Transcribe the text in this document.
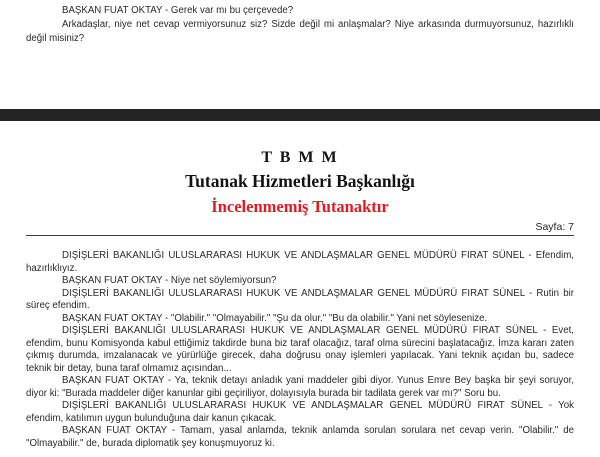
BAŞKAN FUAT OKTAY - Gerek var mı bu çerçevede?

Arkadaşlar, niye net cevap vermiyorsunuz siz? Sizde değil mi anlaşmalar? Niye arkasında durmuyorsunuz, hazırlıklı değil misiniz?

T B M M
Tutanak Hizmetleri Başkanlığı
İncelenmemiş Tutanaktır
Sayfa: 7

DIŞİŞLERİ BAKANLIĞI ULUSLARARASI HUKUK VE ANDLAŞMALAR GENEL MÜDÜRÜ FIRAT SÜNEL - Efendim, hazırlıklıyız.

BAŞKAN FUAT OKTAY - Niye net söylemiyorsun?

DIŞİŞLERİ BAKANLIĞI ULUSLARARASI HUKUK VE ANDLAŞMALAR GENEL MÜDÜRÜ FIRAT SÜNEL - Rutin bir süreç efendim.

BAŞKAN FUAT OKTAY - "Olabilir." "Olmayabilir." "Şu da olur." "Bu da olabilir." Yani net söylesenize.

DIŞİŞLERİ BAKANLIĞI ULUSLARARASI HUKUK VE ANDLAŞMALAR GENEL MÜDÜRÜ FIRAT SÜNEL - Evet, efendim, bunu Komisyonda kabul ettiğimiz takdirde buna biz taraf olacağız, taraf olma sürecini başlatacağız. İmza kararı zaten çıkmış durumda, imzalanacak ve yürürlüğe girecek, daha doğrusu onay işlemleri yapılacak. Yani teknik açıdan bu, sadece teknik bir detay, buna taraf olmamız açısından...

BAŞKAN FUAT OKTAY - Ya, teknik detayı anladık yani maddeler gibi diyor. Yunus Emre Bey başka bir şeyi soruyor, diyor ki: "Burada maddeler diğer kanunlar gibi geçiriliyor, dolayısıyla burada bir tadilata gerek var mı?" Soru bu.

DIŞİŞLERİ BAKANLIĞI ULUSLARARASI HUKUK VE ANDLAŞMALAR GENEL MÜDÜRÜ FIRAT SÜNEL - Yok efendim, katılımın uygun bulunduğuna dair kanun çıkacak.

BAŞKAN FUAT OKTAY - Tamam, yasal anlamda, teknik anlamda sorulan sorulara net cevap verin. "Olabilir." de "Olmayabilir." de, burada diplomatik şey konuşmuyoruz ki.
